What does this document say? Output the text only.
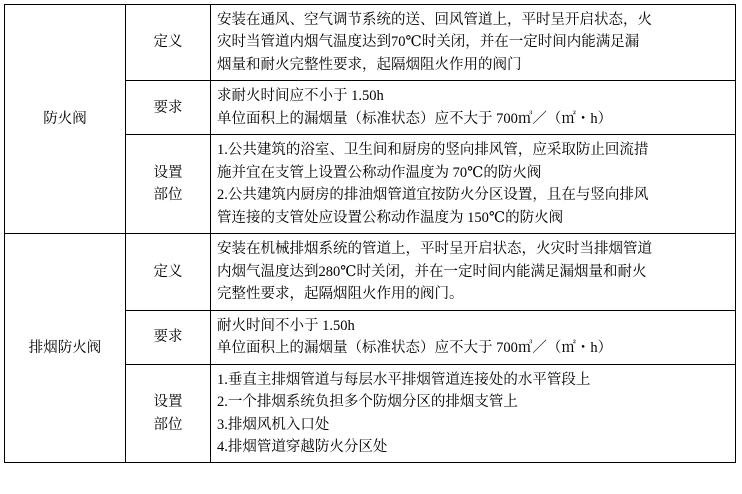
防火阀	定义	安装在通风、空气调节系统的送、回风管道上，平时呈开启状态，火
灾时当管道内烟气温度达到70℃时关闭，并在一定时间内能满足漏
烟量和耐火完整性要求，起隔烟阻火作用的阀门

	要求	求耐火时间应不小于 1.50h
单位面积上的漏烟量（标准状态）应不大于 700㎥／（㎡・h）

	设置
部位	1.公共建筑的浴室、卫生间和厨房的竖向排风管，应采取防止回流措
施并宜在支管上设置公称动作温度为 70℃的防火阀
2.公共建筑内厨房的排油烟管道宜按防火分区设置，且在与竖向排风
管连接的支管处应设置公称动作温度为 150℃的防火阀

排烟防火阀	定义	安装在机械排烟系统的管道上，平时呈开启状态，火灾时当排烟管道
内烟气温度达到280℃时关闭，并在一定时间内能满足漏烟量和耐火
完整性要求，起隔烟阻火作用的阀门。

	要求	耐火时间不小于 1.50h
单位面积上的漏烟量（标准状态）应不大于 700㎥／（㎡・h）

	设置
部位	1.垂直主排烟管道与每层水平排烟管道连接处的水平管段上
2.一个排烟系统负担多个防烟分区的排烟支管上
3.排烟风机入口处
4.排烟管道穿越防火分区处
